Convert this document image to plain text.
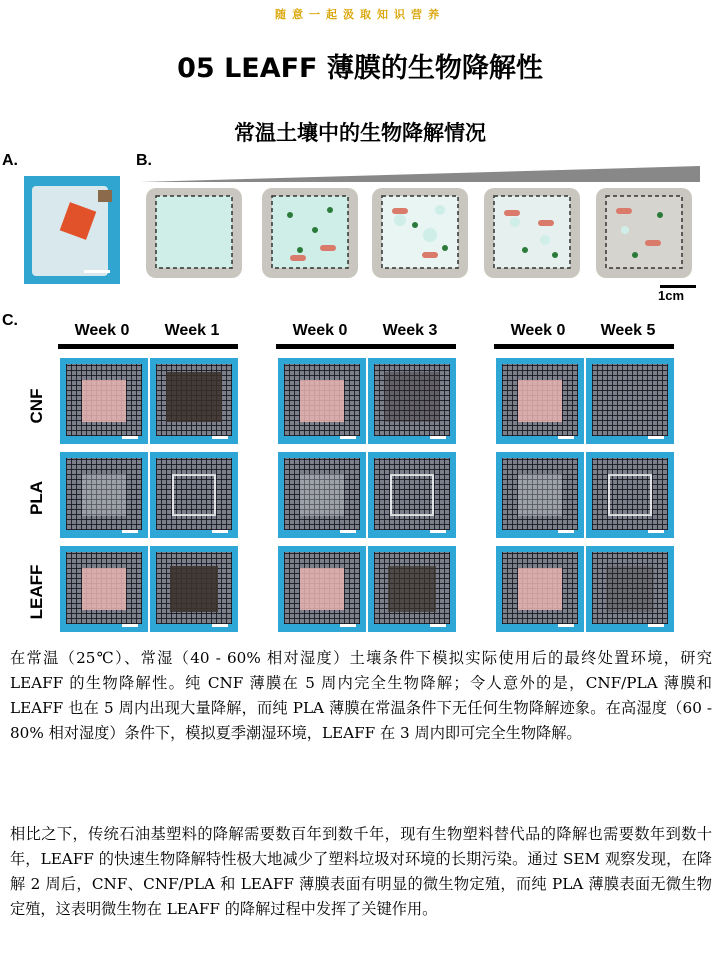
随意一起汲取知识营养
05 LEAFF 薄膜的生物降解性
常温土壤中的生物降解情况
A.	B.
1cm
C.
Week 0	Week 1	Week 0	Week 3	Week 0	Week 5
CNF
PLA
LEAFF
在常温（25℃）、常湿（40 - 60% 相对湿度）土壤条件下模拟实际使用后的最终处置环境，研究 LEAFF 的生物降解性。纯 CNF 薄膜在 5 周内完全生物降解；令人意外的是，CNF/PLA 薄膜和 LEAFF 也在 5 周内出现大量降解，而纯 PLA 薄膜在常温条件下无任何生物降解迹象。在高湿度（60 - 80% 相对湿度）条件下，模拟夏季潮湿环境，LEAFF 在 3 周内即可完全生物降解。
相比之下，传统石油基塑料的降解需要数百年到数千年，现有生物塑料替代品的降解也需要数年到数十年，LEAFF 的快速生物降解特性极大地减少了塑料垃圾对环境的长期污染。通过 SEM 观察发现，在降解 2 周后，CNF、CNF/PLA 和 LEAFF 薄膜表面有明显的微生物定殖，而纯 PLA 薄膜表面无微生物定殖，这表明微生物在 LEAFF 的降解过程中发挥了关键作用。
